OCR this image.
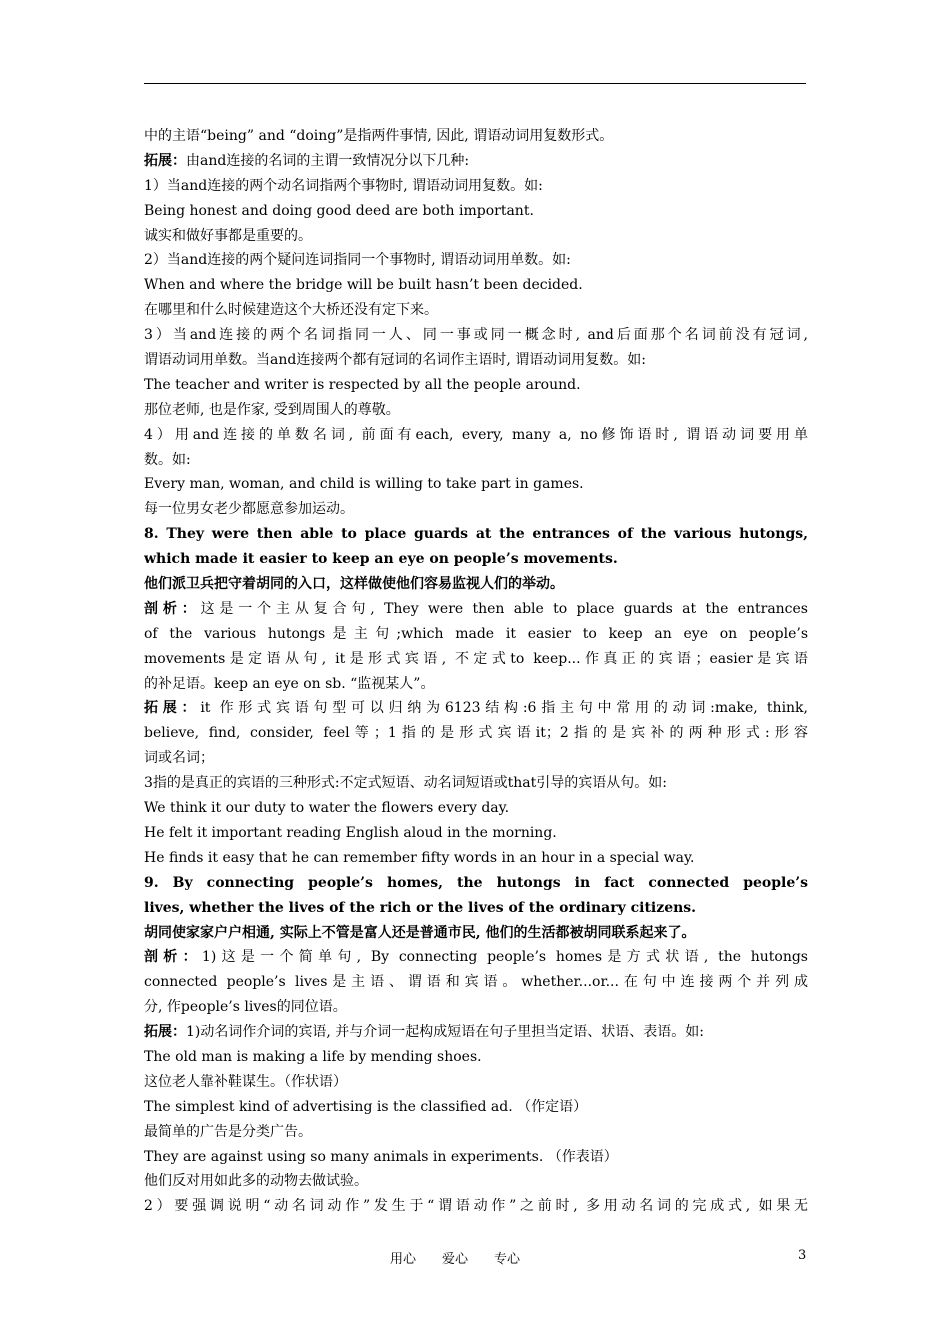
中的主语“being” and “doing”是指两件事情, 因此, 谓语动词用复数形式。
拓展：由and连接的名词的主谓一致情况分以下几种:
1）当and连接的两个动名词指两个事物时, 谓语动词用复数。如:
Being honest and doing good deed are both important.
诚实和做好事都是重要的。
2）当and连接的两个疑问连词指同一个事物时, 谓语动词用单数。如:
When and where the bridge will be built hasn’t been decided.
在哪里和什么时候建造这个大桥还没有定下来。
3）当and连接的两个名词指同一人、同一事或同一概念时, and后面那个名词前没有冠词,
谓语动词用单数。当and连接两个都有冠词的名词作主语时, 谓语动词用复数。如:
The teacher and writer is respected by all the people around.
那位老师, 也是作家, 受到周围人的尊敬。
4）用and连接的单数名词, 前面有each, every, many a, no修饰语时, 谓语动词要用单
数。如:
Every man, woman, and child is willing to take part in games.
每一位男女老少都愿意参加运动。
8. They were then able to place guards at the entrances of the various hutongs,
which made it easier to keep an eye on people’s movements.
他们派卫兵把守着胡同的入口，这样做使他们容易监视人们的举动。
剖析：这是一个主从复合句, They were then able to place guards at the entrances
of the various hutongs是主句;which made it easier to keep an eye on people’s
movements是定语从句, it是形式宾语, 不定式to keep...作真正的宾语；easier是宾语
的补足语。keep an eye on sb. “监视某人”。
拓展：it 作形式宾语句型可以归纳为6123结构:6指主句中常用的动词:make, think,
believe, find, consider, feel等；1指的是形式宾语it；2指的是宾补的两种形式:形容
词或名词；
3指的是真正的宾语的三种形式:不定式短语、动名词短语或that引导的宾语从句。如:
We think it our duty to water the flowers every day.
He felt it important reading English aloud in the morning.
He finds it easy that he can remember fifty words in an hour in a special way.
9. By connecting people’s homes, the hutongs in fact connected people’s
lives, whether the lives of the rich or the lives of the ordinary citizens.
胡同使家家户户相通, 实际上不管是富人还是普通市民, 他们的生活都被胡同联系起来了。
剖析：1)这是一个简单句, By connecting people’s homes是方式状语, the hutongs
connected people’s lives是主语、谓语和宾语。whether...or...在句中连接两个并列成
分, 作people’s lives的同位语。
拓展：1)动名词作介词的宾语, 并与介词一起构成短语在句子里担当定语、状语、表语。如:
The old man is making a life by mending shoes.
这位老人靠补鞋谋生。（作状语）
The simplest kind of advertising is the classified ad. （作定语）
最简单的广告是分类广告。
They are against using so many animals in experiments. （作表语）
他们反对用如此多的动物去做试验。
2）要强调说明“动名词动作”发生于“谓语动作”之前时, 多用动名词的完成式, 如果无
用心 爱心 专心	3
